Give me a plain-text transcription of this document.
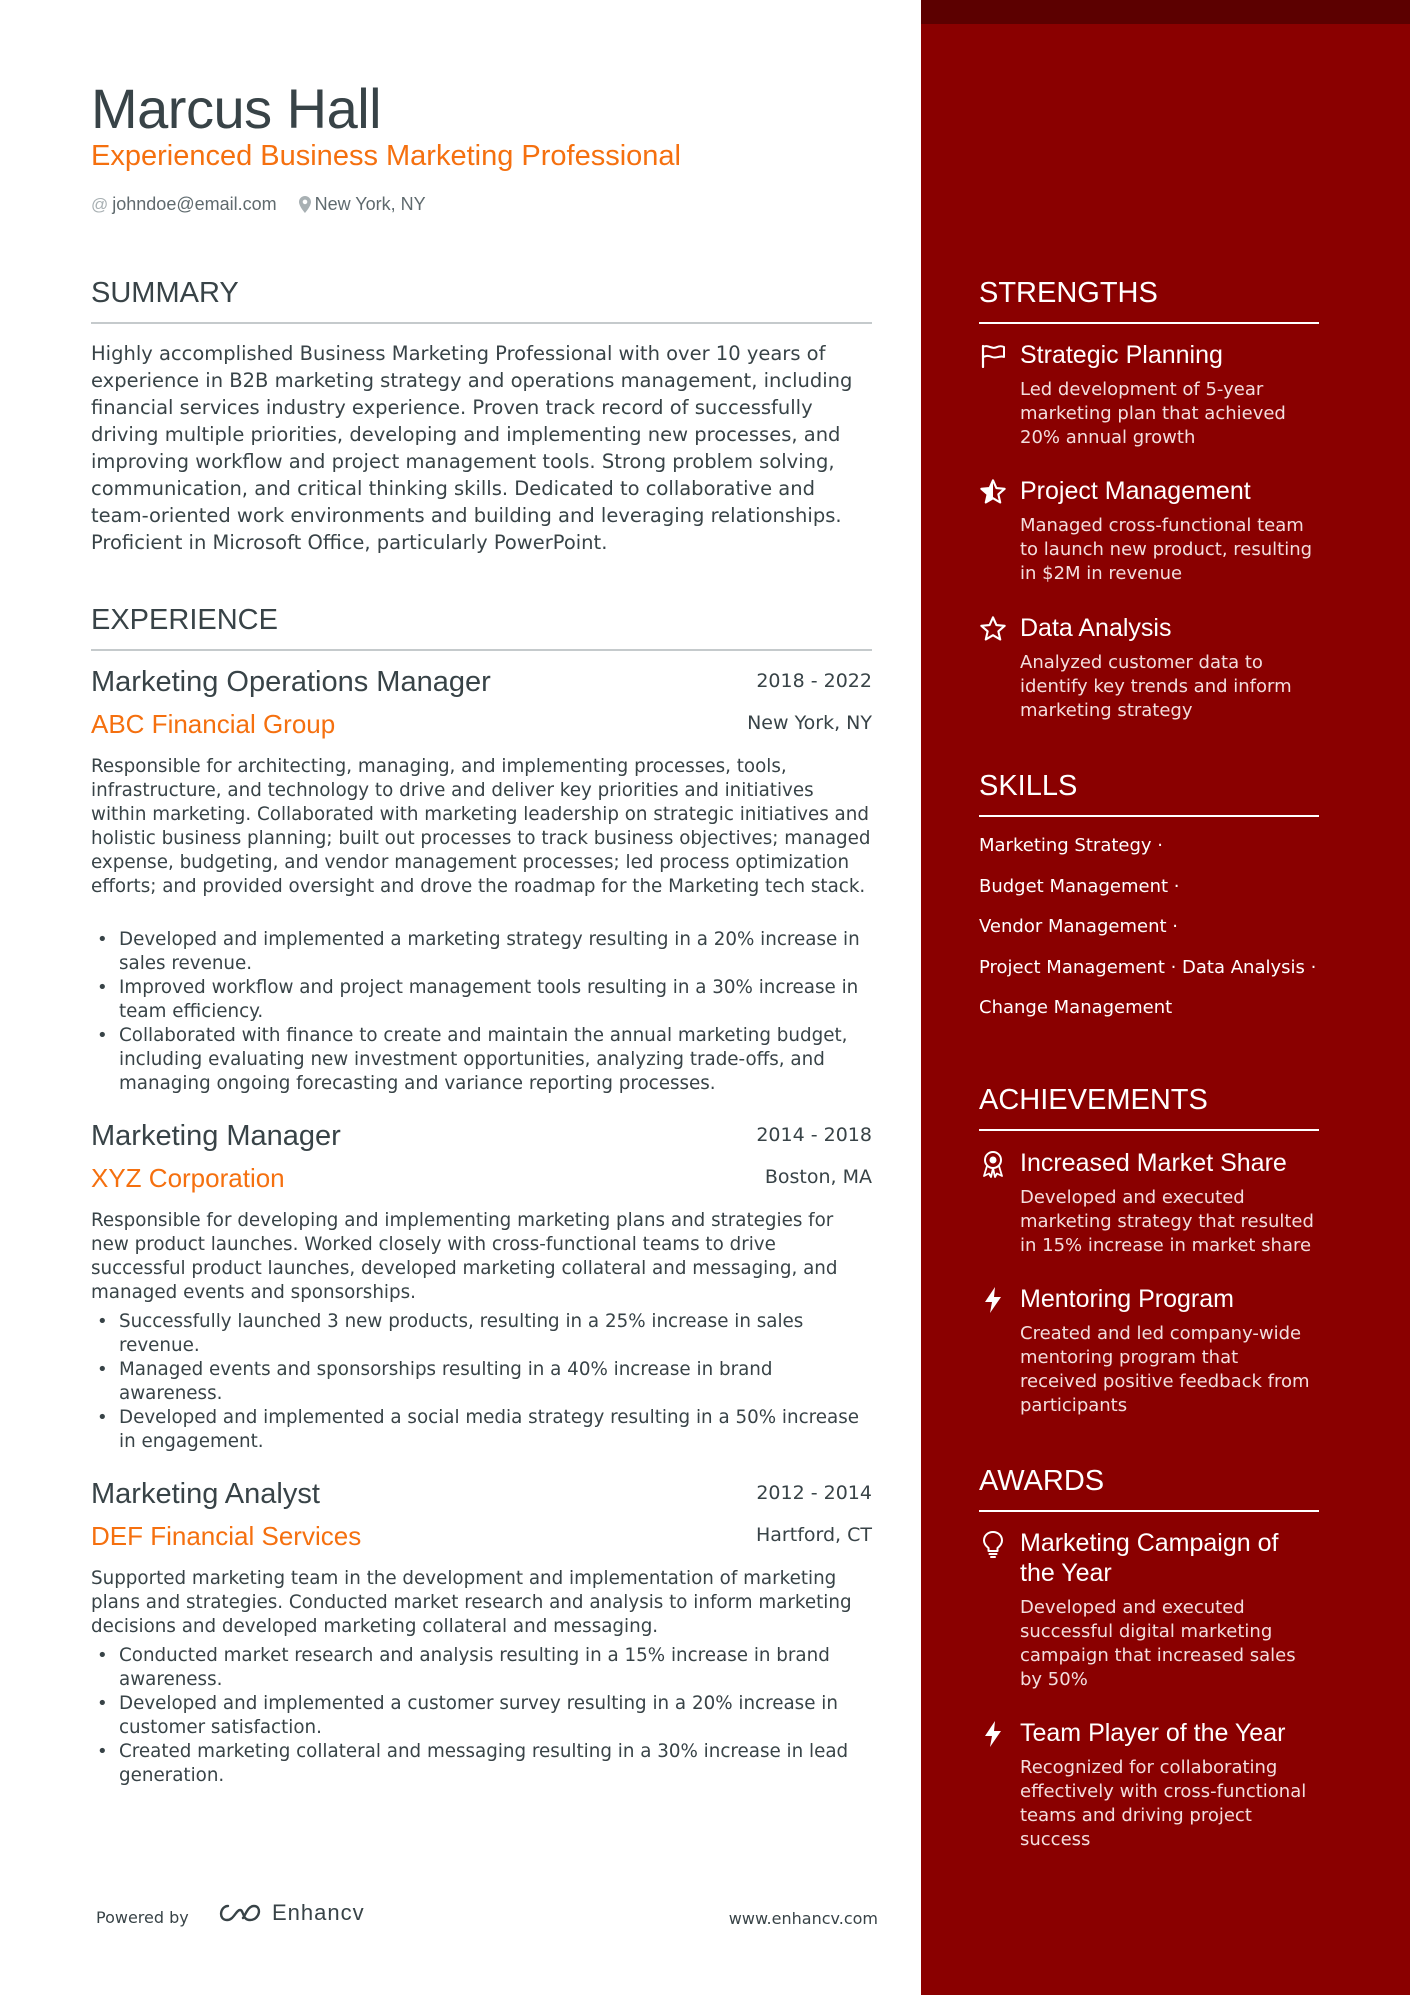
Marcus Hall
Experienced Business Marketing Professional
@ johndoe@email.com New York, NY
SUMMARY
Highly accomplished Business Marketing Professional with over 10 years of experience in B2B marketing strategy and operations management, including financial services industry experience. Proven track record of successfully driving multiple priorities, developing and implementing new processes, and improving workflow and project management tools. Strong problem solving, communication, and critical thinking skills. Dedicated to collaborative and team-oriented work environments and building and leveraging relationships. Proficient in Microsoft Office, particularly PowerPoint.
EXPERIENCE
Marketing Operations Manager	2018 - 2022
ABC Financial Group	New York, NY
Responsible for architecting, managing, and implementing processes, tools, infrastructure, and technology to drive and deliver key priorities and initiatives within marketing. Collaborated with marketing leadership on strategic initiatives and holistic business planning; built out processes to track business objectives; managed expense, budgeting, and vendor management processes; led process optimization efforts; and provided oversight and drove the roadmap for the Marketing tech stack.
• Developed and implemented a marketing strategy resulting in a 20% increase in sales revenue.
• Improved workflow and project management tools resulting in a 30% increase in team efficiency.
• Collaborated with finance to create and maintain the annual marketing budget, including evaluating new investment opportunities, analyzing trade-offs, and managing ongoing forecasting and variance reporting processes.
Marketing Manager	2014 - 2018
XYZ Corporation	Boston, MA
Responsible for developing and implementing marketing plans and strategies for new product launches. Worked closely with cross-functional teams to drive successful product launches, developed marketing collateral and messaging, and managed events and sponsorships.
• Successfully launched 3 new products, resulting in a 25% increase in sales revenue.
• Managed events and sponsorships resulting in a 40% increase in brand awareness.
• Developed and implemented a social media strategy resulting in a 50% increase in engagement.
Marketing Analyst	2012 - 2014
DEF Financial Services	Hartford, CT
Supported marketing team in the development and implementation of marketing plans and strategies. Conducted market research and analysis to inform marketing decisions and developed marketing collateral and messaging.
• Conducted market research and analysis resulting in a 15% increase in brand awareness.
• Developed and implemented a customer survey resulting in a 20% increase in customer satisfaction.
• Created marketing collateral and messaging resulting in a 30% increase in lead generation.
Powered by	Enhancv	www.enhancv.com
STRENGTHS
Strategic Planning
Led development of 5-year marketing plan that achieved 20% annual growth
Project Management
Managed cross-functional team to launch new product, resulting in $2M in revenue
Data Analysis
Analyzed customer data to identify key trends and inform marketing strategy
SKILLS
Marketing Strategy ·
Budget Management ·
Vendor Management ·
Project Management · Data Analysis ·
Change Management
ACHIEVEMENTS
Increased Market Share
Developed and executed marketing strategy that resulted in 15% increase in market share
Mentoring Program
Created and led company-wide mentoring program that received positive feedback from participants
AWARDS
Marketing Campaign of the Year
Developed and executed successful digital marketing campaign that increased sales by 50%
Team Player of the Year
Recognized for collaborating effectively with cross-functional teams and driving project success
